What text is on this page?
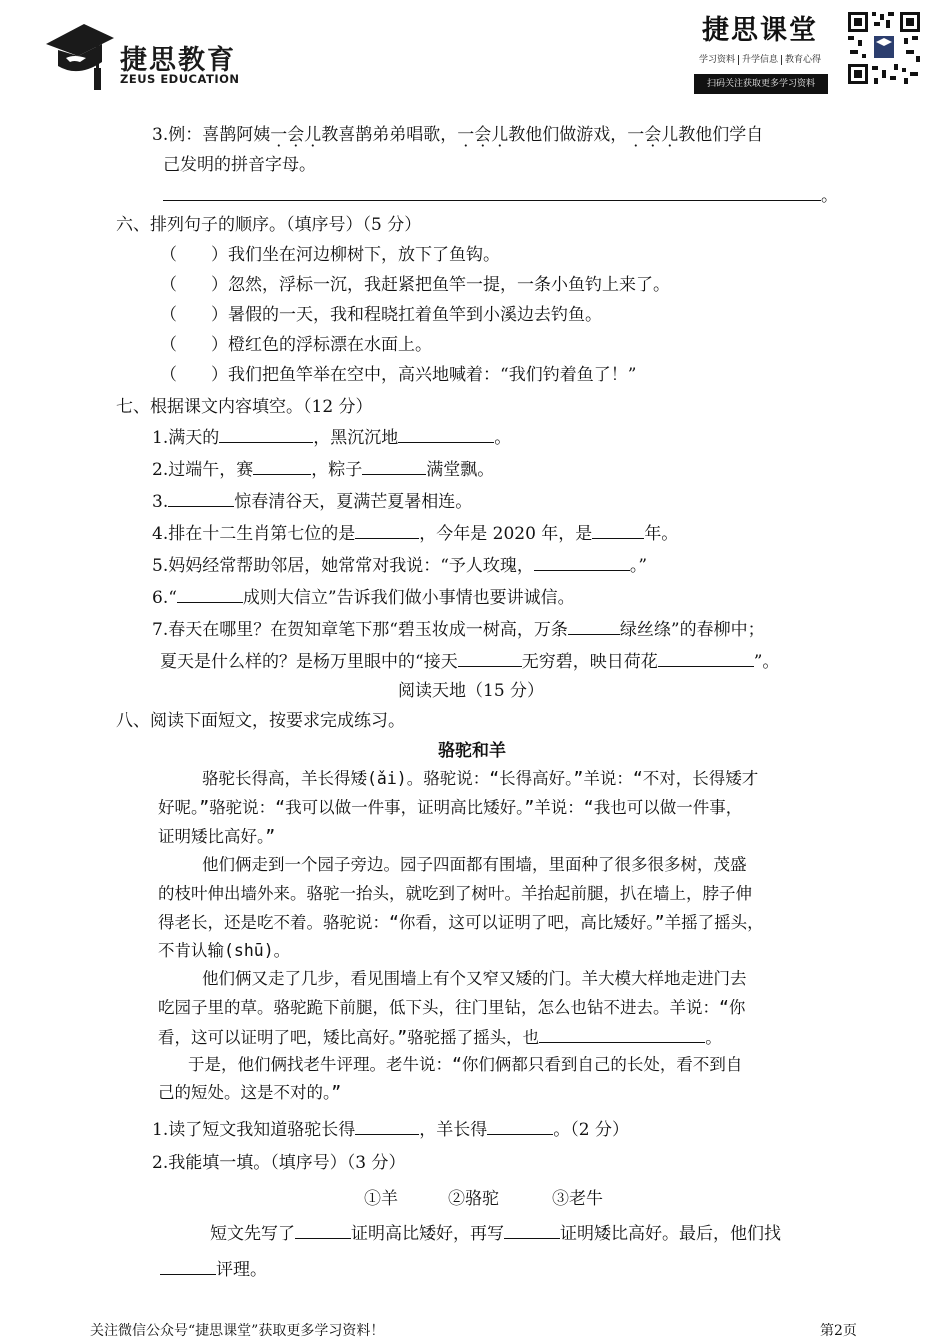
捷思教育
ZEUS EDUCATION
捷思课堂
学习资料 升学信息 教育心得
扫码关注获取更多学习资料
3.例：喜鹊阿姨一会儿教喜鹊弟弟唱歌，一会儿教他们做游戏，一会儿教他们学自
己发明的拼音字母。
。
六、排列句子的顺序。（填序号）（5 分）
（　　）我们坐在河边柳树下，放下了鱼钩。
（　　）忽然，浮标一沉，我赶紧把鱼竿一提，一条小鱼钓上来了。
（　　）暑假的一天，我和程晓扛着鱼竿到小溪边去钓鱼。
（　　）橙红色的浮标漂在水面上。
（　　）我们把鱼竿举在空中，高兴地喊着：“我们钓着鱼了！”
七、根据课文内容填空。（12 分）
1.满天的	，黑沉沉地	。
2.过端午，赛	，粽子	满堂飘。
3.	惊春清谷天，夏满芒夏暑相连。
4.排在十二生肖第七位的是	，今年是 2020 年，是	年。
5.妈妈经常帮助邻居，她常常对我说：“予人玫瑰，	。”
6.“	成则大信立”告诉我们做小事情也要讲诚信。
7.春天在哪里？在贺知章笔下那“碧玉妆成一树高，万条	绿丝绦”的春柳中；
夏天是什么样的？是杨万里眼中的“接天	无穷碧，映日荷花	”。
阅读天地（15 分）
八、阅读下面短文，按要求完成练习。
骆驼和羊
骆驼长得高，羊长得矮(ǎi)。骆驼说：“长得高好。”羊说：“不对，长得矮才
好呢。”骆驼说：“我可以做一件事，证明高比矮好。”羊说：“我也可以做一件事，
证明矮比高好。”
他们俩走到一个园子旁边。园子四面都有围墙，里面种了很多很多树，茂盛
的枝叶伸出墙外来。骆驼一抬头，就吃到了树叶。羊抬起前腿，扒在墙上，脖子伸
得老长，还是吃不着。骆驼说：“你看，这可以证明了吧，高比矮好。”羊摇了摇头，
不肯认输(shū)。
他们俩又走了几步，看见围墙上有个又窄又矮的门。羊大模大样地走进门去
吃园子里的草。骆驼跪下前腿，低下头，往门里钻，怎么也钻不进去。羊说：“你
看，这可以证明了吧，矮比高好。”骆驼摇了摇头，也	。
于是，他们俩找老牛评理。老牛说：“你们俩都只看到自己的长处，看不到自
己的短处。这是不对的。”
1.读了短文我知道骆驼长得	，羊长得	。（2 分）
2.我能填一填。（填序号）（3 分）
①羊	②骆驼	③老牛
短文先写了	证明高比矮好，再写	证明矮比高好。最后，他们找
评理。
关注微信公众号“捷思课堂”获取更多学习资料！	第2页
